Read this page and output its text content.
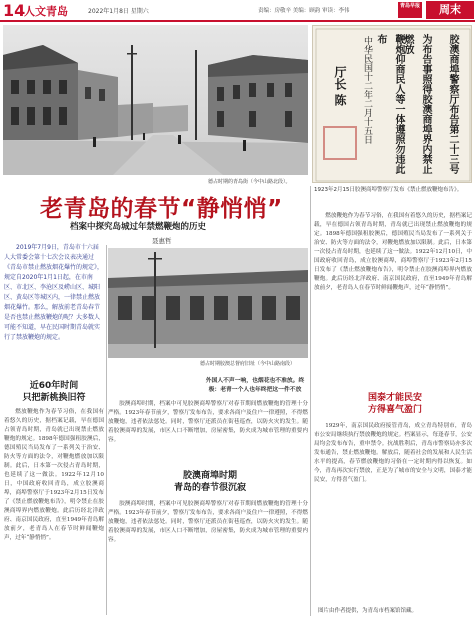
14
人文青岛	2022年1月8日 星期六	责编：房敬辛 美编：顾韵 审读：李伟
青岛早报	周末
德占时期的青岛街（今中山路北段）。
胶澳商埠警察厅布告第二十三号
为布告事照得胶澳商埠界内禁止燃放
鞭炮仰商民人等一体遵照勿违此布
中华民国十二年二月十五日
厅长 陈
1923年2月15日胶澳商埠警察厅发布《禁止燃放鞭炮布告》。
老青岛的春节“静悄悄”
档案中探究岛城过年禁燃鞭炮的历史
聂惠哲
2019年7月9日，青岛市十六届人大常委会第十七次会议表决通过《青岛市禁止燃放烟花爆竹的规定》，规定自2020年1月1日起，在市南区、市北区、李沧区及崂山区、城阳区、黄岛区等城区内，一律禁止燃放烟花爆竹。那么，解放前老青岛春节是否也禁止燃放鞭炮的呢？大多数人可能不知道，早在民国时期青岛就实行了禁放鞭炮的规定。
德占时期胶澳总督府旧址（今中山路南段）
近60年时间
只把新桃换旧符
燃放鞭炮作为春节习俗，在我国有着悠久的历史，据档案记载，早在德国占领青岛时期，青岛就已出现禁止燃放鞭炮的规定。1898年德国强租胶澳后，德国殖民当局发布了一系列关于治安、防火等方面的法令，对鞭炮燃放加以限制。此后，日本第一次侵占青岛时期，也延续了这一做法。1922年12月10日，中国政府收回青岛，成立胶澳商埠，商埠警察厅于1923年2月15日发布了《禁止燃放鞭炮布告》，明令禁止在胶澳商埠界内燃放鞭炮。此后历经北洋政府、南京国民政府，直至1949年青岛解放前夕，老青岛人在春节时鲜闻鞭炮声，过年“静悄悄”。
外国人不声一响，也烟花也不准放。终极：老青一个人也年终把这一件不放
胶澳商埠时期，档案中可见胶澳商埠警察厅对春节期间燃放鞭炮的管理十分严格。1923年春节前夕，警察厅发布布告，要求各商户及住户一律遵照，不得燃放鞭炮，违者依法惩处。同时，警察厅还派员在街巷巡查，以防火灾的发生。随着胶澳商埠的发展，市区人口不断增加，房屋密集，防火成为城市管理的重要内容。
胶澳商埠时期
青岛的春节很沉寂
胶澳商埠时期，档案中可见胶澳商埠警察厅对春节期间燃放鞭炮的管理十分严格。1923年春节前夕，警察厅发布布告，要求各商户及住户一律遵照，不得燃放鞭炮，违者依法惩处。同时，警察厅还派员在街巷巡查，以防火灾的发生。随着胶澳商埠的发展，市区人口不断增加，房屋密集，防火成为城市管理的重要内容。
燃放鞭炮作为春节习俗，在我国有着悠久的历史，据档案记载，早在德国占领青岛时期，青岛就已出现禁止燃放鞭炮的规定。1898年德国强租胶澳后，德国殖民当局发布了一系列关于治安、防火等方面的法令，对鞭炮燃放加以限制。此后，日本第一次侵占青岛时期，也延续了这一做法。1922年12月10日，中国政府收回青岛，成立胶澳商埠，商埠警察厅于1923年2月15日发布了《禁止燃放鞭炮布告》，明令禁止在胶澳商埠界内燃放鞭炮。此后历经北洋政府、南京国民政府，直至1949年青岛解放前夕，老青岛人在春节时鲜闻鞭炮声，过年“静悄悄”。
国泰才能民安
方得喜气盈门
1929年，南京国民政府接管青岛，成立青岛特别市，青岛市公安局继续执行禁放鞭炮的规定。档案显示，每逢春节，公安局均会发布布告，重申禁令。抗战胜利后，青岛市警察局亦多次发布通告，禁止燃放鞭炮。解放后，随着社会的发展和人民生活水平的提高，春节燃放鞭炮的习俗在一定时期内得以恢复。如今，青岛再次实行禁放，正是为了城市的安全与文明，国泰才能民安，方得喜气盈门。
图片由作者提供，为青岛市档案馆馆藏。
